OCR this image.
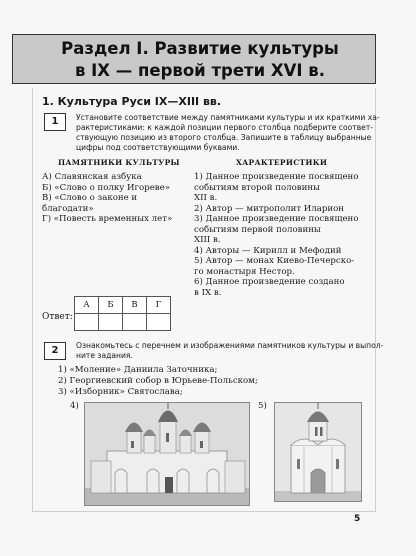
Раздел I. Развитие культуры
в IX — первой трети XVI в.
1. Культура Руси IX—XIII вв.
1	Установите соответствие между памятниками культуры и их краткими ха-
рактеристиками: к каждой позиции первого столбца подберите соответ-
ствующую позицию из второго столбца. Запишите в таблицу выбранные
цифры под соответствующими буквами.
ПАМЯТНИКИ КУЛЬТУРЫ	ХАРАКТЕРИСТИКИ
А) Славянская азбука
Б) «Слово о полку Игореве»
В) «Слово о законе и
благодати»
Г) «Повесть временных лет»
1) Данное произведение посвящено
событиям второй половины
XII в.
2) Автор — митрополит Иларион
3) Данное произведение посвящено
событиям первой половины
XIII в.
4) Авторы — Кирилл и Мефодий
5) Автор — монах Киево-Печерско-
го монастыря Нестор.
6) Данное произведение создано
в IX в.
Ответ:
А	Б	В	Г

2	Ознакомьтесь с перечнем и изображениями памятников культуры и выпол-
ните задания.
1) «Моление» Даниила Заточника;
2) Георгиевский собор в Юрьеве-Польском;
3) «Изборник» Святослава;
4)	5)
5
